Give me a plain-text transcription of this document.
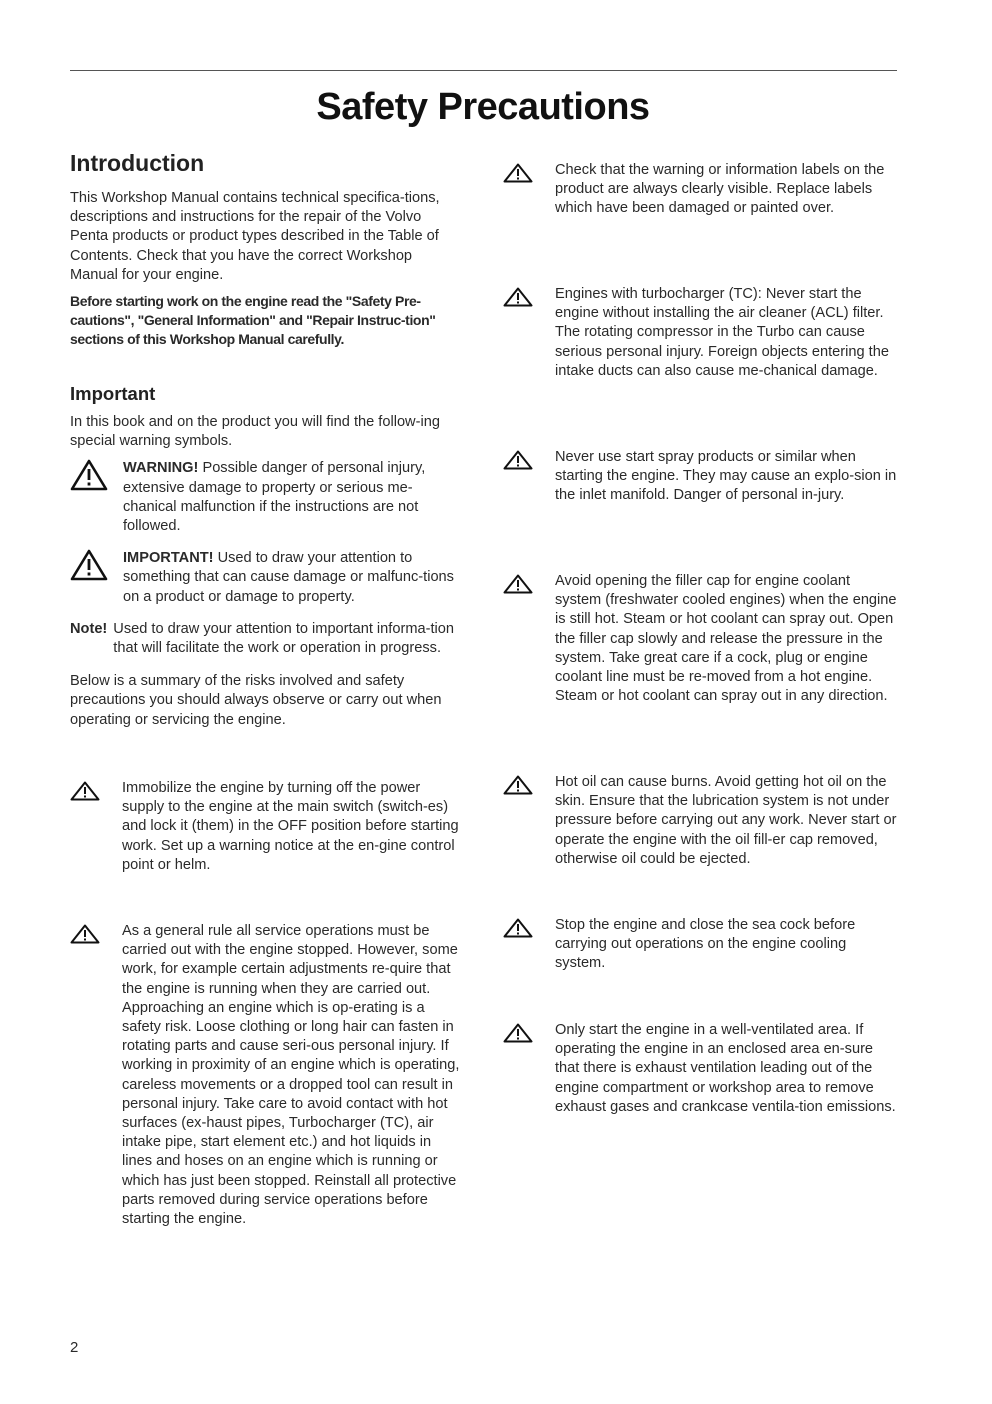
Safety Precautions
Introduction

This Workshop Manual contains technical specifica-tions, descriptions and instructions for the repair of the Volvo Penta products or product types described in the Table of Contents. Check that you have the correct Workshop Manual for your engine.

Before starting work on the engine read the "Safety Pre-cautions", "General Information" and "Repair Instruc-tion" sections of this Workshop Manual carefully.

Important

In this book and on the product you will find the follow-ing special warning symbols.

WARNING! Possible danger of personal injury, extensive damage to property or serious me-chanical malfunction if the instructions are not followed.

IMPORTANT! Used to draw your attention to something that can cause damage or malfunc-tions on a product or damage to property.

Note! Used to draw your attention to important informa-tion that will facilitate the work or operation in progress.

Below is a summary of the risks involved and safety precautions you should always observe or carry out when operating or servicing the engine.

Immobilize the engine by turning off the power supply to the engine at the main switch (switch-es) and lock it (them) in the OFF position before starting work. Set up a warning notice at the en-gine control point or helm.

As a general rule all service operations must be carried out with the engine stopped. However, some work, for example certain adjustments re-quire that the engine is running when they are carried out. Approaching an engine which is op-erating is a safety risk. Loose clothing or long hair can fasten in rotating parts and cause seri-ous personal injury. If working in proximity of an engine which is operating, careless movements or a dropped tool can result in personal injury. Take care to avoid contact with hot surfaces (ex-haust pipes, Turbocharger (TC), air intake pipe, start element etc.) and hot liquids in lines and hoses on an engine which is running or which has just been stopped. Reinstall all protective parts removed during service operations before starting the engine.

Check that the warning or information labels on the product are always clearly visible. Replace labels which have been damaged or painted over.

Engines with turbocharger (TC): Never start the engine without installing the air cleaner (ACL) filter. The rotating compressor in the Turbo can cause serious personal injury. Foreign objects entering the intake ducts can also cause me-chanical damage.

Never use start spray products or similar when starting the engine. They may cause an explo-sion in the inlet manifold. Danger of personal in-jury.

Avoid opening the filler cap for engine coolant system (freshwater cooled engines) when the engine is still hot. Steam or hot coolant can spray out. Open the filler cap slowly and release the pressure in the system. Take great care if a cock, plug or engine coolant line must be re-moved from a hot engine. Steam or hot coolant can spray out in any direction.

Hot oil can cause burns. Avoid getting hot oil on the skin. Ensure that the lubrication system is not under pressure before carrying out any work. Never start or operate the engine with the oil fill-er cap removed, otherwise oil could be ejected.

Stop the engine and close the sea cock before carrying out operations on the engine cooling system.

Only start the engine in a well-ventilated area. If operating the engine in an enclosed area en-sure that there is exhaust ventilation leading out of the engine compartment or workshop area to remove exhaust gases and crankcase ventila-tion emissions.

2
